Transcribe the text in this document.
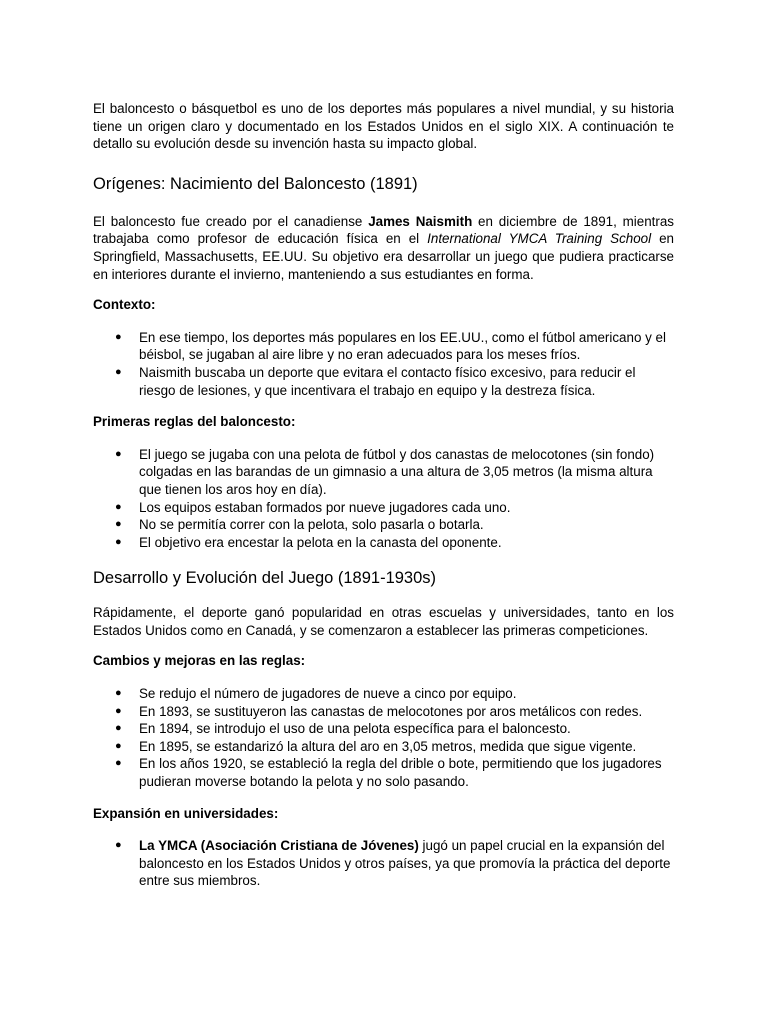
El baloncesto o básquetbol es uno de los deportes más populares a nivel mundial, y su historia tiene un origen claro y documentado en los Estados Unidos en el siglo XIX. A continuación te detallo su evolución desde su invención hasta su impacto global.

Orígenes: Nacimiento del Baloncesto (1891)

El baloncesto fue creado por el canadiense James Naismith en diciembre de 1891, mientras trabajaba como profesor de educación física en el International YMCA Training School en Springfield, Massachusetts, EE.UU. Su objetivo era desarrollar un juego que pudiera practicarse en interiores durante el invierno, manteniendo a sus estudiantes en forma.

Contexto:

● En ese tiempo, los deportes más populares en los EE.UU., como el fútbol americano y el béisbol, se jugaban al aire libre y no eran adecuados para los meses fríos.
● Naismith buscaba un deporte que evitara el contacto físico excesivo, para reducir el riesgo de lesiones, y que incentivara el trabajo en equipo y la destreza física.

Primeras reglas del baloncesto:

● El juego se jugaba con una pelota de fútbol y dos canastas de melocotones (sin fondo) colgadas en las barandas de un gimnasio a una altura de 3,05 metros (la misma altura que tienen los aros hoy en día).
● Los equipos estaban formados por nueve jugadores cada uno.
● No se permitía correr con la pelota, solo pasarla o botarla.
● El objetivo era encestar la pelota en la canasta del oponente.
Desarrollo y Evolución del Juego (1891-1930s)

Rápidamente, el deporte ganó popularidad en otras escuelas y universidades, tanto en los Estados Unidos como en Canadá, y se comenzaron a establecer las primeras competiciones.

Cambios y mejoras en las reglas:

● Se redujo el número de jugadores de nueve a cinco por equipo.
● En 1893, se sustituyeron las canastas de melocotones por aros metálicos con redes.
● En 1894, se introdujo el uso de una pelota específica para el baloncesto.
● En 1895, se estandarizó la altura del aro en 3,05 metros, medida que sigue vigente.
● En los años 1920, se estableció la regla del drible o bote, permitiendo que los jugadores pudieran moverse botando la pelota y no solo pasando.

Expansión en universidades:

● La YMCA (Asociación Cristiana de Jóvenes) jugó un papel crucial en la expansión del baloncesto en los Estados Unidos y otros países, ya que promovía la práctica del deporte entre sus miembros.
